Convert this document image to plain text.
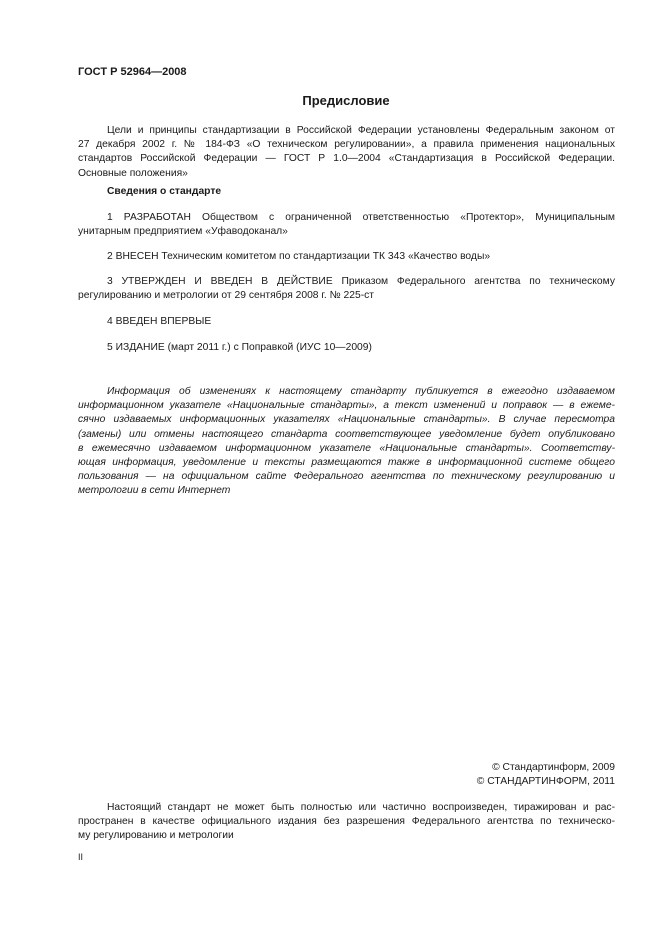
ГОСТ Р 52964—2008
Предисловие
Цели и принципы стандартизации в Российской Федерации установлены Федеральным законом от
27 декабря 2002 г. № 184-ФЗ «О техническом регулировании», а правила применения национальных
стандартов Российской Федерации — ГОСТ Р 1.0—2004 «Стандартизация в Российской Федерации.
Основные положения»
Сведения о стандарте
1 РАЗРАБОТАН Обществом с ограниченной ответственностью «Протектор», Муниципальным
унитарным предприятием «Уфаводоканал»
2 ВНЕСЕН Техническим комитетом по стандартизации ТК 343 «Качество воды»
3 УТВЕРЖДЕН И ВВЕДЕН В ДЕЙСТВИЕ Приказом Федерального агентства по техническому
регулированию и метрологии от 29 сентября 2008 г. № 225-ст
4 ВВЕДЕН ВПЕРВЫЕ
5 ИЗДАНИЕ (март 2011 г.) с Поправкой (ИУС 10—2009)
Информация об изменениях к настоящему стандарту публикуется в ежегодно издаваемом
информационном указателе «Национальные стандарты», а текст изменений и поправок — в ежеме-
сячно издаваемых информационных указателях «Национальные стандарты». В случае пересмотра
(замены) или отмены настоящего стандарта соответствующее уведомление будет опубликовано
в ежемесячно издаваемом информационном указателе «Национальные стандарты». Соответству-
ющая информация, уведомление и тексты размещаются также в информационной системе общего
пользования — на официальном сайте Федерального агентства по техническому регулированию и
метрологии в сети Интернет
© Стандартинформ, 2009
© СТАНДАРТИНФОРМ, 2011
Настоящий стандарт не может быть полностью или частично воспроизведен, тиражирован и рас-
пространен в качестве официального издания без разрешения Федерального агентства по техническо-
му регулированию и метрологии
II
